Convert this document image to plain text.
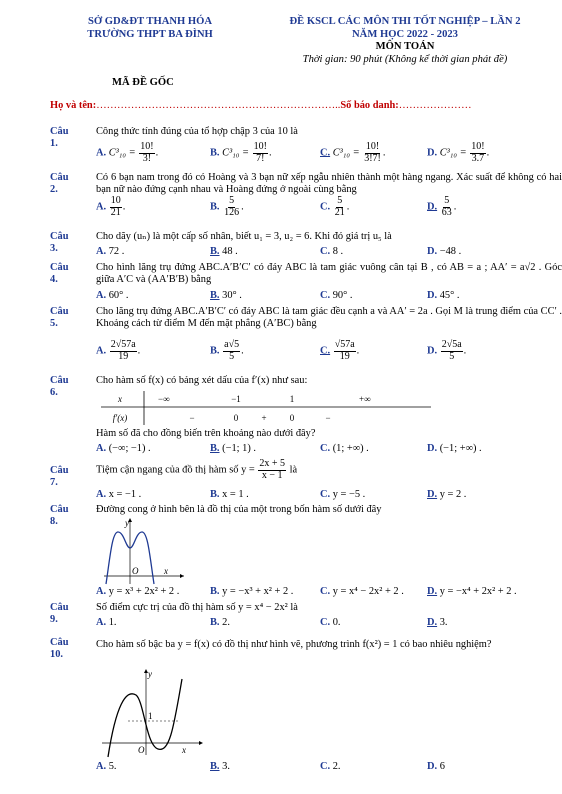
SỞ GD&ĐT THANH HÓA
TRƯỜNG THPT BA ĐÌNH
ĐỀ KSCL CÁC MÔN THI TỐT NGHIỆP – LẦN 2
NĂM HỌC 2022 - 2023
MÔN TOÁN
Thời gian: 90 phút (Không kể thời gian phát đề)
MÃ ĐỀ GỐC
Họ và tên:……………………………………………………………..Số báo danh:…………………
Câu 1.
Công thức tính đúng của tổ hợp chập 3 của 10 là
A. $C^3_{10} = \frac{10!}{3!}$ .	B. $C^3_{10} = \frac{10!}{7!}$ .	C. $C^3_{10} = \frac{10!}{3!7!}$ .	D. $C^3_{10} = \frac{10!}{3.7}$ .
Câu 2.
Có 6 bạn nam trong đó có Hoàng và 3 bạn nữ xếp ngẫu nhiên thành một hàng ngang. Xác suất để không có hai bạn nữ nào đứng cạnh nhau và Hoàng đứng ở ngoài cùng bằng
A. $\frac{10}{21}$ .	B. $\frac{5}{126}$ .	C. $\frac{5}{21}$ .	D. $\frac{5}{63}$ .
Câu 3.
Cho dãy (uₙ) là một cấp số nhân, biết u₁ = 3, u₂ = 6. Khi đó giá trị u₅ là
A. 72 .	B. 48 .	C. 8 .	D. −48 .
Câu 4.
Cho hình lăng trụ đứng ABC.A′B′C′ có đáy ABC là tam giác vuông cân tại B , có AB = a ; AA′ = a√2 . Góc giữa A′C và (AA′B′B) bằng
A. 60° .	B. 30° .	C. 90° .	D. 45° .
Câu 5.
Cho lăng trụ đứng ABC.A′B′C′ có đáy ABC là tam giác đều cạnh a và AA′ = 2a . Gọi M là trung điểm của CC′ . Khoảng cách từ điểm M đến mặt phẳng (A′BC) bằng
A. $\frac{2√57a}{19}$ .	B. $\frac{a√5}{5}$ .	C. $\frac{√57a}{19}$ .	D. $\frac{2√5a}{5}$ .
Câu 6.
Cho hàm số f(x) có bảng xét dấu của f′(x) như sau:
x	−∞	−1	1	+∞
f′(x)	−	0	+	0	−
Hàm số đã cho đồng biến trên khoảng nào dưới đây?
A. (−∞; −1) .	B. (−1; 1) .	C. (1; +∞) .	D. (−1; +∞) .
Câu 7.
Tiệm cận ngang của đồ thị hàm số $y = \frac{2x + 5}{x - 1}$ là
A. x = −1 .	B. x = 1 .	C. y = −5 .	D. y = 2 .
Câu 8.
Đường cong ở hình bên là đồ thị của một trong bốn hàm số dưới đây
y
O	x
A. y = x³ + 2x² + 2 .	B. y = −x³ + x² + 2 .	C. y = x⁴ − 2x² + 2 . D. y = −x⁴ + 2x² + 2 .
Câu 9.
Số điểm cực trị của đồ thị hàm số y = x⁴ − 2x² là
A. 1.	B. 2.	C. 0.	D. 3.
Câu 10.
Cho hàm số bậc ba y = f(x) có đồ thị như hình vẽ, phương trình f(x²) = 1 có bao nhiêu nghiệm?
y
1
O	x
A. 5.	B. 3.	C. 2.	D. 6
